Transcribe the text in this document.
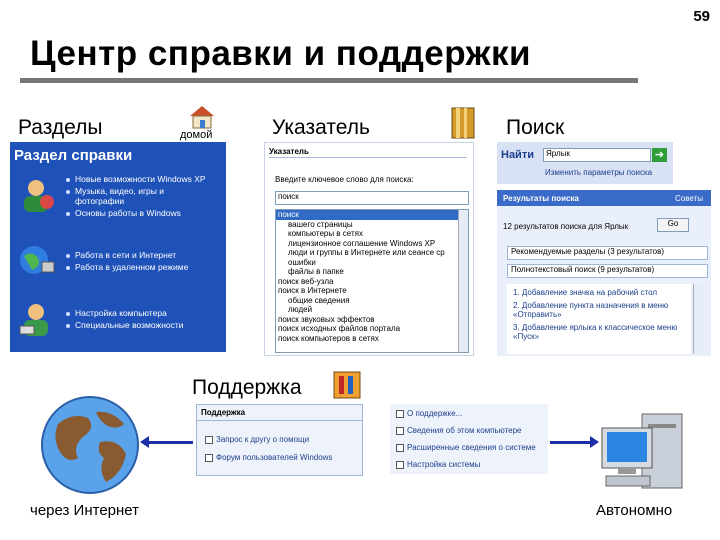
59
Центр справки и поддержки
Разделы	домой
Раздел справки
Новые возможности Windows XP
Музыка, видео, игры и
фотографии
Основы работы в Windows
Работа в сети и Интернет
Работа в удаленном режиме
Настройка компьютера
Специальные возможности
Указатель
Указатель
Введите ключевое слово для поиска:
поиск
поиск
вашего страницы
компьютеры в сетях
лицензионное соглашение Windows XP
люди и группы в Интернете или сеансе ср
ошибки
файлы в папке
поиск веб-узла
поиск в Интернете
общие сведения
людей
поиск звуковых эффектов
поиск исходных файлов портала
поиск компьютеров в сетях
Поиск
Найти	Ярлык	➔
Изменить параметры поиска
Результаты поиска	Советы
12 результатов поиска для Ярлык	Go
Рекомендуемые разделы (3 результатов)
Полнотекстовый поиск (9 результатов)
1. Добавление значка на рабочий стол
2. Добавление пункта назначения в меню «Отправить»
3. Добавление ярлыка к классическое меню «Пуск»
Поддержка
Поддержка
Запрос к другу о помощи
Форум пользователей Windows
О поддержке...
Сведения об этом компьютере
Расширенные сведения о системе
Настройка системы
через Интернет	Автономно
